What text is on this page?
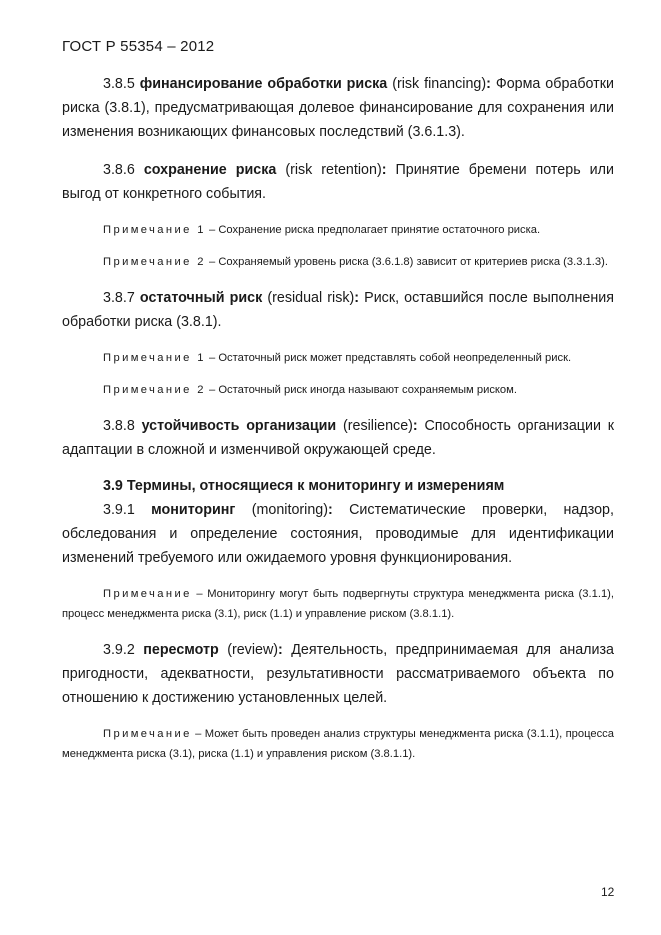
ГОСТ Р 55354 – 2012

3.8.5 финансирование обработки риска (risk financing): Форма обработки риска (3.8.1), предусматривающая долевое финансирование для сохранения или изменения возникающих финансовых последствий (3.6.1.3).

3.8.6 сохранение риска (risk retention): Принятие бремени потерь или выгод от конкретного события.

Примечание 1 – Сохранение риска предполагает принятие остаточного риска.

Примечание 2 – Сохраняемый уровень риска (3.6.1.8) зависит от критериев риска (3.3.1.3).

3.8.7 остаточный риск (residual risk): Риск, оставшийся после выполнения обработки риска (3.8.1).

Примечание 1 – Остаточный риск может представлять собой неопределенный риск.

Примечание 2 – Остаточный риск иногда называют сохраняемым риском.

3.8.8 устойчивость организации (resilience): Способность организации к адаптации в сложной и изменчивой окружающей среде.

3.9 Термины, относящиеся к мониторингу и измерениям

3.9.1 мониторинг (monitoring): Систематические проверки, надзор, обследования и определение состояния, проводимые для идентификации изменений требуемого или ожидаемого уровня функционирования.

Примечание – Мониторингу могут быть подвергнуты структура менеджмента риска (3.1.1), процесс менеджмента риска (3.1), риск (1.1) и управление риском (3.8.1.1).

3.9.2 пересмотр (review): Деятельность, предпринимаемая для анализа пригодности, адекватности, результативности рассматриваемого объекта по отношению к достижению установленных целей.

Примечание – Может быть проведен анализ структуры менеджмента риска (3.1.1), процесса менеджмента риска (3.1), риска (1.1) и управления риском (3.8.1.1).

12
